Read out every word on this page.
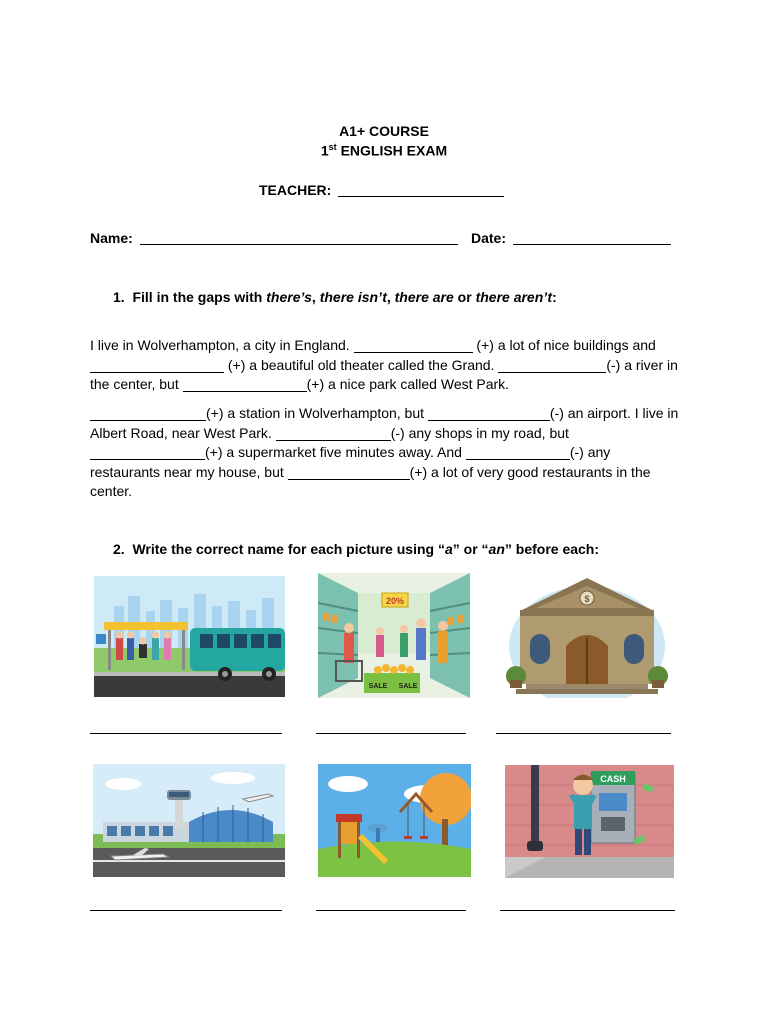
A1+ COURSE
1st ENGLISH EXAM
TEACHER:
Name:	Date:
1. Fill in the gaps with there’s, there isn’t, there are or there aren’t:
I live in Wolverhampton, a city in England.	(+) a lot of nice buildings and  (+) a beautiful old theater called the Grand.	(-) a river in the center, but	(+) a nice park called West Park.
(+) a station in Wolverhampton, but	(-) an airport. I live in Albert Road, near West Park.	(-) any shops in my road, but (+) a supermarket five minutes away. And	(-) any restaurants near my house, but	(+) a lot of very good restaurants in the center.
2. Write the correct name for each picture using “a” or “an” before each:
20%
SALE SALE
$
CASH
